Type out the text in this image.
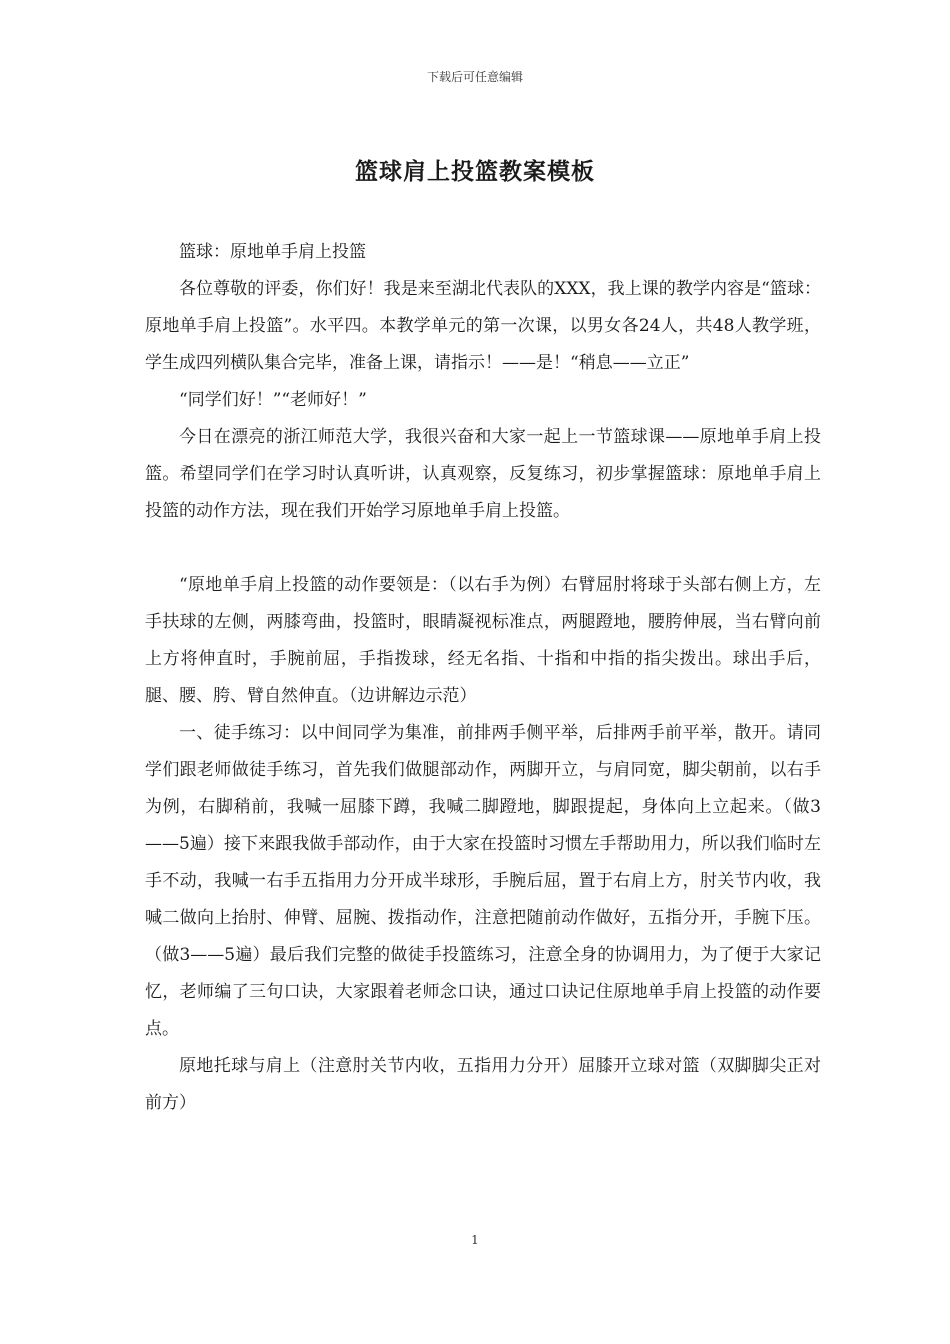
下载后可任意编辑
篮球肩上投篮教案模板

篮球：原地单手肩上投篮

各位尊敬的评委，你们好！我是来至湖北代表队的XXX，我上课的教学内容是“篮球：原地单手肩上投篮”。水平四。本教学单元的第一次课，以男女各24人，共48人教学班，学生成四列横队集合完毕，准备上课，请指示！——是！“稍息——立正”

“同学们好！”“老师好！”

今日在漂亮的浙江师范大学，我很兴奋和大家一起上一节篮球课——原地单手肩上投篮。希望同学们在学习时认真听讲，认真观察，反复练习，初步掌握篮球：原地单手肩上投篮的动作方法，现在我们开始学习原地单手肩上投篮。

“原地单手肩上投篮的动作要领是：（以右手为例）右臂屈肘将球于头部右侧上方，左手扶球的左侧，两膝弯曲，投篮时，眼睛凝视标准点，两腿蹬地，腰胯伸展，当右臂向前上方将伸直时，手腕前屈，手指拨球，经无名指、十指和中指的指尖拨出。球出手后，腿、腰、胯、臂自然伸直。（边讲解边示范）

一、徒手练习：以中间同学为集准，前排两手侧平举，后排两手前平举，散开。请同学们跟老师做徒手练习，首先我们做腿部动作，两脚开立，与肩同宽，脚尖朝前，以右手为例，右脚稍前，我喊一屈膝下蹲，我喊二脚蹬地，脚跟提起，身体向上立起来。（做3——5遍）接下来跟我做手部动作，由于大家在投篮时习惯左手帮助用力，所以我们临时左手不动，我喊一右手五指用力分开成半球形，手腕后屈，置于右肩上方，肘关节内收，我喊二做向上抬肘、伸臂、屈腕、拨指动作，注意把随前动作做好，五指分开，手腕下压。（做3——5遍）最后我们完整的做徒手投篮练习，注意全身的协调用力，为了便于大家记忆，老师编了三句口诀，大家跟着老师念口诀，通过口诀记住原地单手肩上投篮的动作要点。

原地托球与肩上（注意肘关节内收，五指用力分开）屈膝开立球对篮（双脚脚尖正对前方）

1
